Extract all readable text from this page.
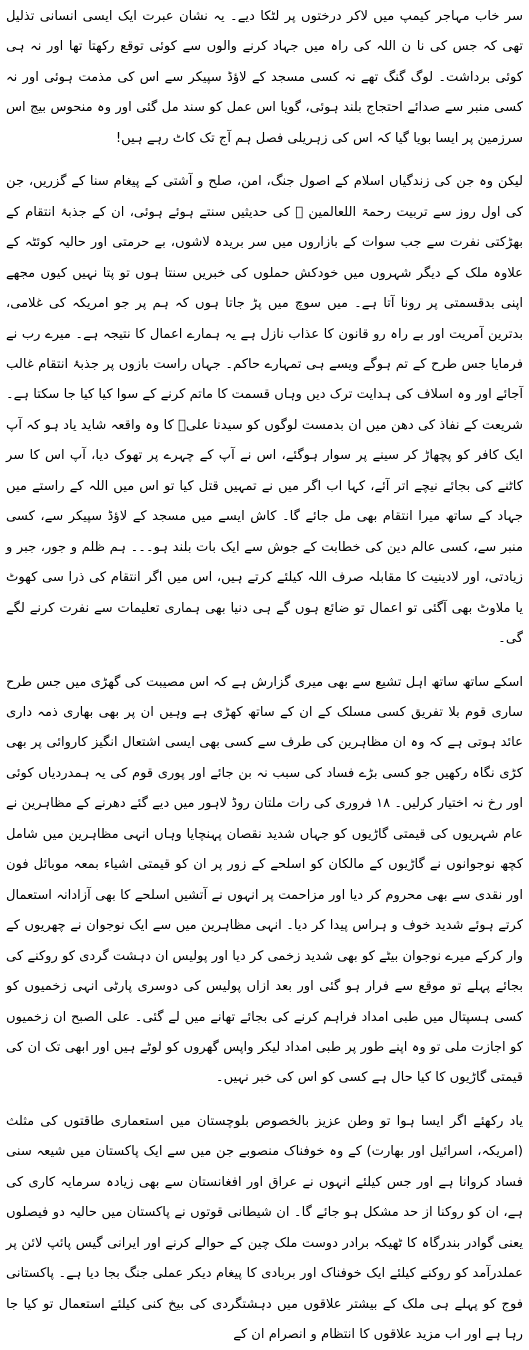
سر خاب مہاجر کیمپ میں لاکر درختوں پر لٹکا دیے۔ یہ نشان عبرت ایک ایسی انسانی تذلیل تھی کہ جس کی نا ن اللہ کی راہ میں جہاد کرنے والوں سے کوئی توقع رکھتا تھا اور نہ ہی کوئی برداشت۔ لوگ گنگ تھے نہ کسی مسجد کے لاؤڈ سپیکر سے اس کی مذمت ہوئی اور نہ کسی منبر سے صدائے احتجاج بلند ہوئی، گویا اس عمل کو سند مل گئی اور وہ منحوس بیج اس سرزمین پر ایسا بویا گیا کہ اس کی زہریلی فصل ہم آج تک کاٹ رہے ہیں!

لیکن وہ جن کی زندگیاں اسلام کے اصول جنگ، امن، صلح و آشتی کے پیغام سنا کے گزریں، جن کی اول روز سے تربیت رحمۃ اللعالمین ﷺ کی حدیثیں سنتے ہوئے ہوئی، ان کے جذبۂ انتقام کے بھڑکتی نفرت سے جب سوات کے بازاروں میں سر بریدہ لاشوں، بے حرمتی اور حالیہ کوئٹہ کے علاوہ ملک کے دیگر شہروں میں خودکش حملوں کی خبریں سنتا ہوں تو پتا نہیں کیوں مجھے اپنی بدقسمتی پر رونا آتا ہے۔ میں سوچ میں پڑ جاتا ہوں کہ ہم پر جو امریکہ کی غلامی، بدترین آمریت اور بے راہ رو قانون کا عذاب نازل ہے یہ ہمارے اعمال کا نتیجہ ہے۔ میرے رب نے فرمایا جس طرح کے تم ہوگے ویسے ہی تمہارے حاکم۔ جہاں راست بازوں پر جذبۂ انتقام غالب آجائے اور وہ اسلاف کی ہدایت ترک دیں وہاں قسمت کا ماتم کرنے کے سوا کیا کیا جا سکتا ہے۔ شریعت کے نفاذ کی دھن میں ان بدمست لوگوں کو سیدنا علیؓ کا وہ واقعہ شاید یاد ہو کہ آپ ایک کافر کو پچھاڑ کر سینے پر سوار ہوگئے، اس نے آپ کے چہرے پر تھوک دیا، آپ اس کا سر کاٹنے کی بجائے نیچے اتر آئے، کہا اب اگر میں نے تمہیں قتل کیا تو اس میں اللہ کے راستے میں جہاد کے ساتھ میرا انتقام بھی مل جائے گا۔ کاش ایسے میں مسجد کے لاؤڈ سپیکر سے، کسی منبر سے، کسی عالم دین کی خطابت کے جوش سے ایک بات بلند ہو۔۔۔ ہم ظلم و جور، جبر و زیادتی، اور لادینیت کا مقابلہ صرف اللہ کیلئے کرتے ہیں، اس میں اگر انتقام کی ذرا سی کھوٹ یا ملاوٹ بھی آگئی تو اعمال تو ضائع ہوں گے ہی دنیا بھی ہماری تعلیمات سے نفرت کرنے لگے گی۔

اسکے ساتھ ساتھ اہل تشیع سے بھی میری گزارش ہے کہ اس مصیبت کی گھڑی میں جس طرح ساری قوم بلا تفریق کسی مسلک کے ان کے ساتھ کھڑی ہے وہیں ان پر بھی بھاری ذمہ داری عائد ہوتی ہے کہ وہ ان مظاہرین کی طرف سے کسی بھی ایسی اشتعال انگیز کاروائی پر بھی کڑی نگاہ رکھیں جو کسی بڑے فساد کی سبب نہ بن جائے اور پوری قوم کی یہ ہمدردیاں کوئی اور رخ نہ اختیار کرلیں۔ ۱۸ فروری کی رات ملتان روڈ لاہور میں دیے گئے دھرنے کے مظاہرین نے عام شہریوں کی قیمتی گاڑیوں کو جہاں شدید نقصان پہنچایا وہاں انہی مظاہرین میں شامل کچھ نوجوانوں نے گاڑیوں کے مالکان کو اسلحے کے زور پر ان کو قیمتی اشیاء بمعہ موبائل فون اور نقدی سے بھی محروم کر دیا اور مزاحمت پر انہوں نے آتشیں اسلحے کا بھی آزادانہ استعمال کرتے ہوئے شدید خوف و ہراس پیدا کر دیا۔ انہی مظاہرین میں سے ایک نوجوان نے چھریوں کے وار کرکے میرے نوجوان بیٹے کو بھی شدید زخمی کر دیا اور پولیس ان دہشت گردی کو روکنے کی بجائے پہلے تو موقع سے فرار ہو گئی اور بعد ازاں پولیس کی دوسری پارٹی انہی زخمیوں کو کسی ہسپتال میں طبی امداد فراہم کرنے کی بجائے تھانے میں لے گئی۔ علی الصبح ان زخمیوں کو اجازت ملی تو وہ اپنے طور پر طبی امداد لیکر واپس گھروں کو لوٹے ہیں اور ابھی تک ان کی قیمتی گاڑیوں کا کیا حال ہے کسی کو اس کی خبر نہیں۔

یاد رکھئے اگر ایسا ہوا تو وطن عزیز بالخصوص بلوچستان میں استعماری طاقتوں کی مثلث (امریکہ، اسرائیل اور بھارت) کے وہ خوفناک منصوبے جن میں سے ایک پاکستان میں شیعہ سنی فساد کروانا ہے اور جس کیلئے انہوں نے عراق اور افغانستان سے بھی زیادہ سرمایہ کاری کی ہے، ان کو روکنا از حد مشکل ہو جائے گا۔ ان شیطانی قوتوں نے پاکستان میں حالیہ دو فیصلوں یعنی گوادر بندرگاہ کا ٹھیکہ برادر دوست ملک چین کے حوالے کرنے اور ایرانی گیس پائپ لائن پر عملدرآمد کو روکنے کیلئے ایک خوفناک اور بربادی کا پیغام دیکر عملی جنگ بجا دیا ہے۔ پاکستانی فوج کو پہلے ہی ملک کے بیشتر علاقوں میں دہشتگردی کی بیخ کنی کیلئے استعمال تو کیا جا رہا ہے اور اب مزید علاقوں کا انتظام و انصرام ان کے
